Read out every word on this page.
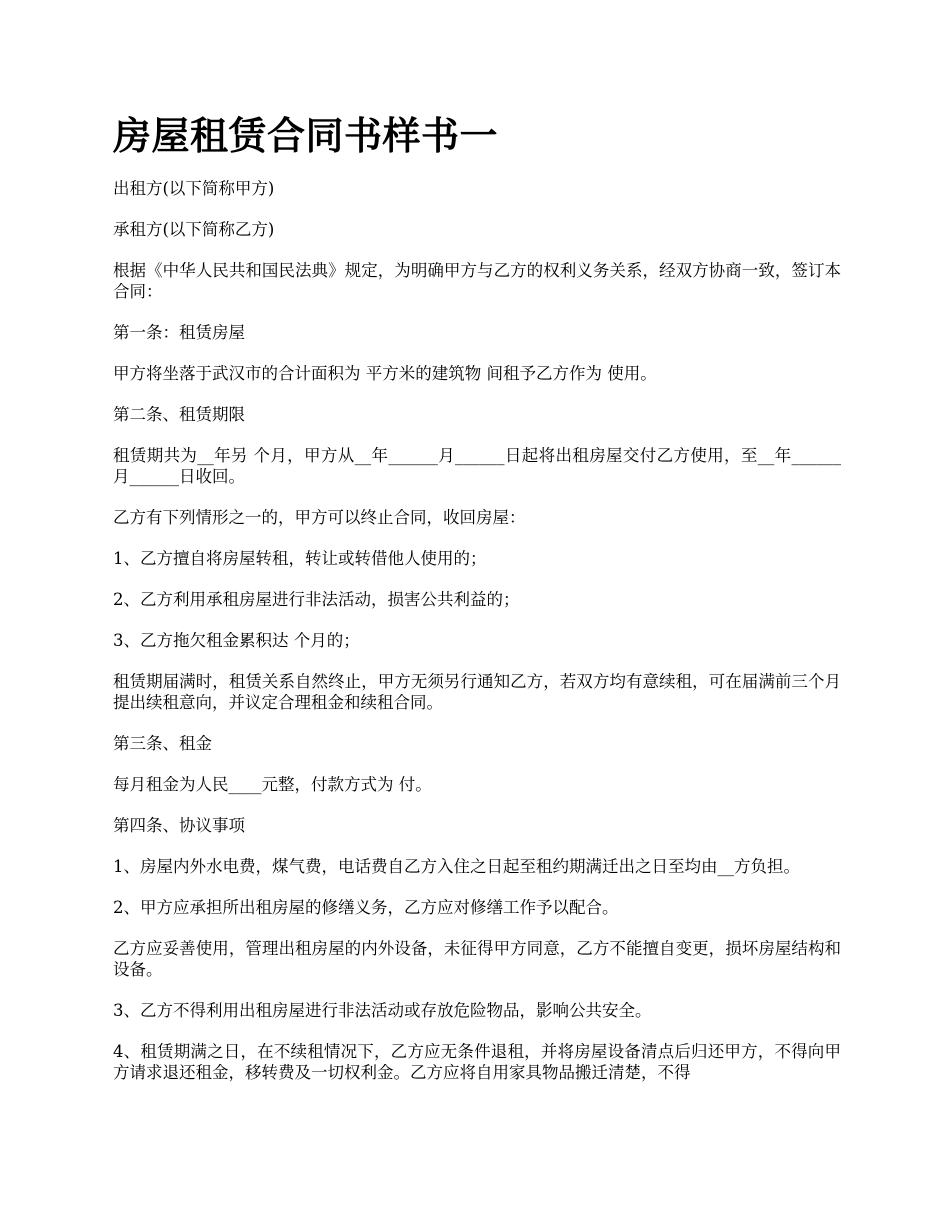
房屋租赁合同书样书一

出租方(以下简称甲方)

承租方(以下简称乙方)

根据《中华人民共和国民法典》规定，为明确甲方与乙方的权利义务关系，经双方协商一致，签订本合同：

第一条：租赁房屋

甲方将坐落于武汉市的合计面积为 平方米的建筑物 间租予乙方作为 使用。

第二条、租赁期限

租赁期共为__年另 个月，甲方从__年______月______日起将出租房屋交付乙方使用，至__年______月______日收回。

乙方有下列情形之一的，甲方可以终止合同，收回房屋：

1、乙方擅自将房屋转租，转让或转借他人使用的；

2、乙方利用承租房屋进行非法活动，损害公共利益的；

3、乙方拖欠租金累积达 个月的；

租赁期届满时，租赁关系自然终止，甲方无须另行通知乙方，若双方均有意续租，可在届满前三个月提出续租意向，并议定合理租金和续租合同。

第三条、租金

每月租金为人民____元整，付款方式为 付。

第四条、协议事项

1、房屋内外水电费，煤气费，电话费自乙方入住之日起至租约期满迁出之日至均由__方负担。

2、甲方应承担所出租房屋的修缮义务，乙方应对修缮工作予以配合。

乙方应妥善使用，管理出租房屋的内外设备，未征得甲方同意，乙方不能擅自变更，损坏房屋结构和设备。

3、乙方不得利用出租房屋进行非法活动或存放危险物品，影响公共安全。

4、租赁期满之日，在不续租情况下，乙方应无条件退租，并将房屋设备清点后归还甲方，不得向甲方请求退还租金，移转费及一切权利金。乙方应将自用家具物品搬迁清楚，不得
